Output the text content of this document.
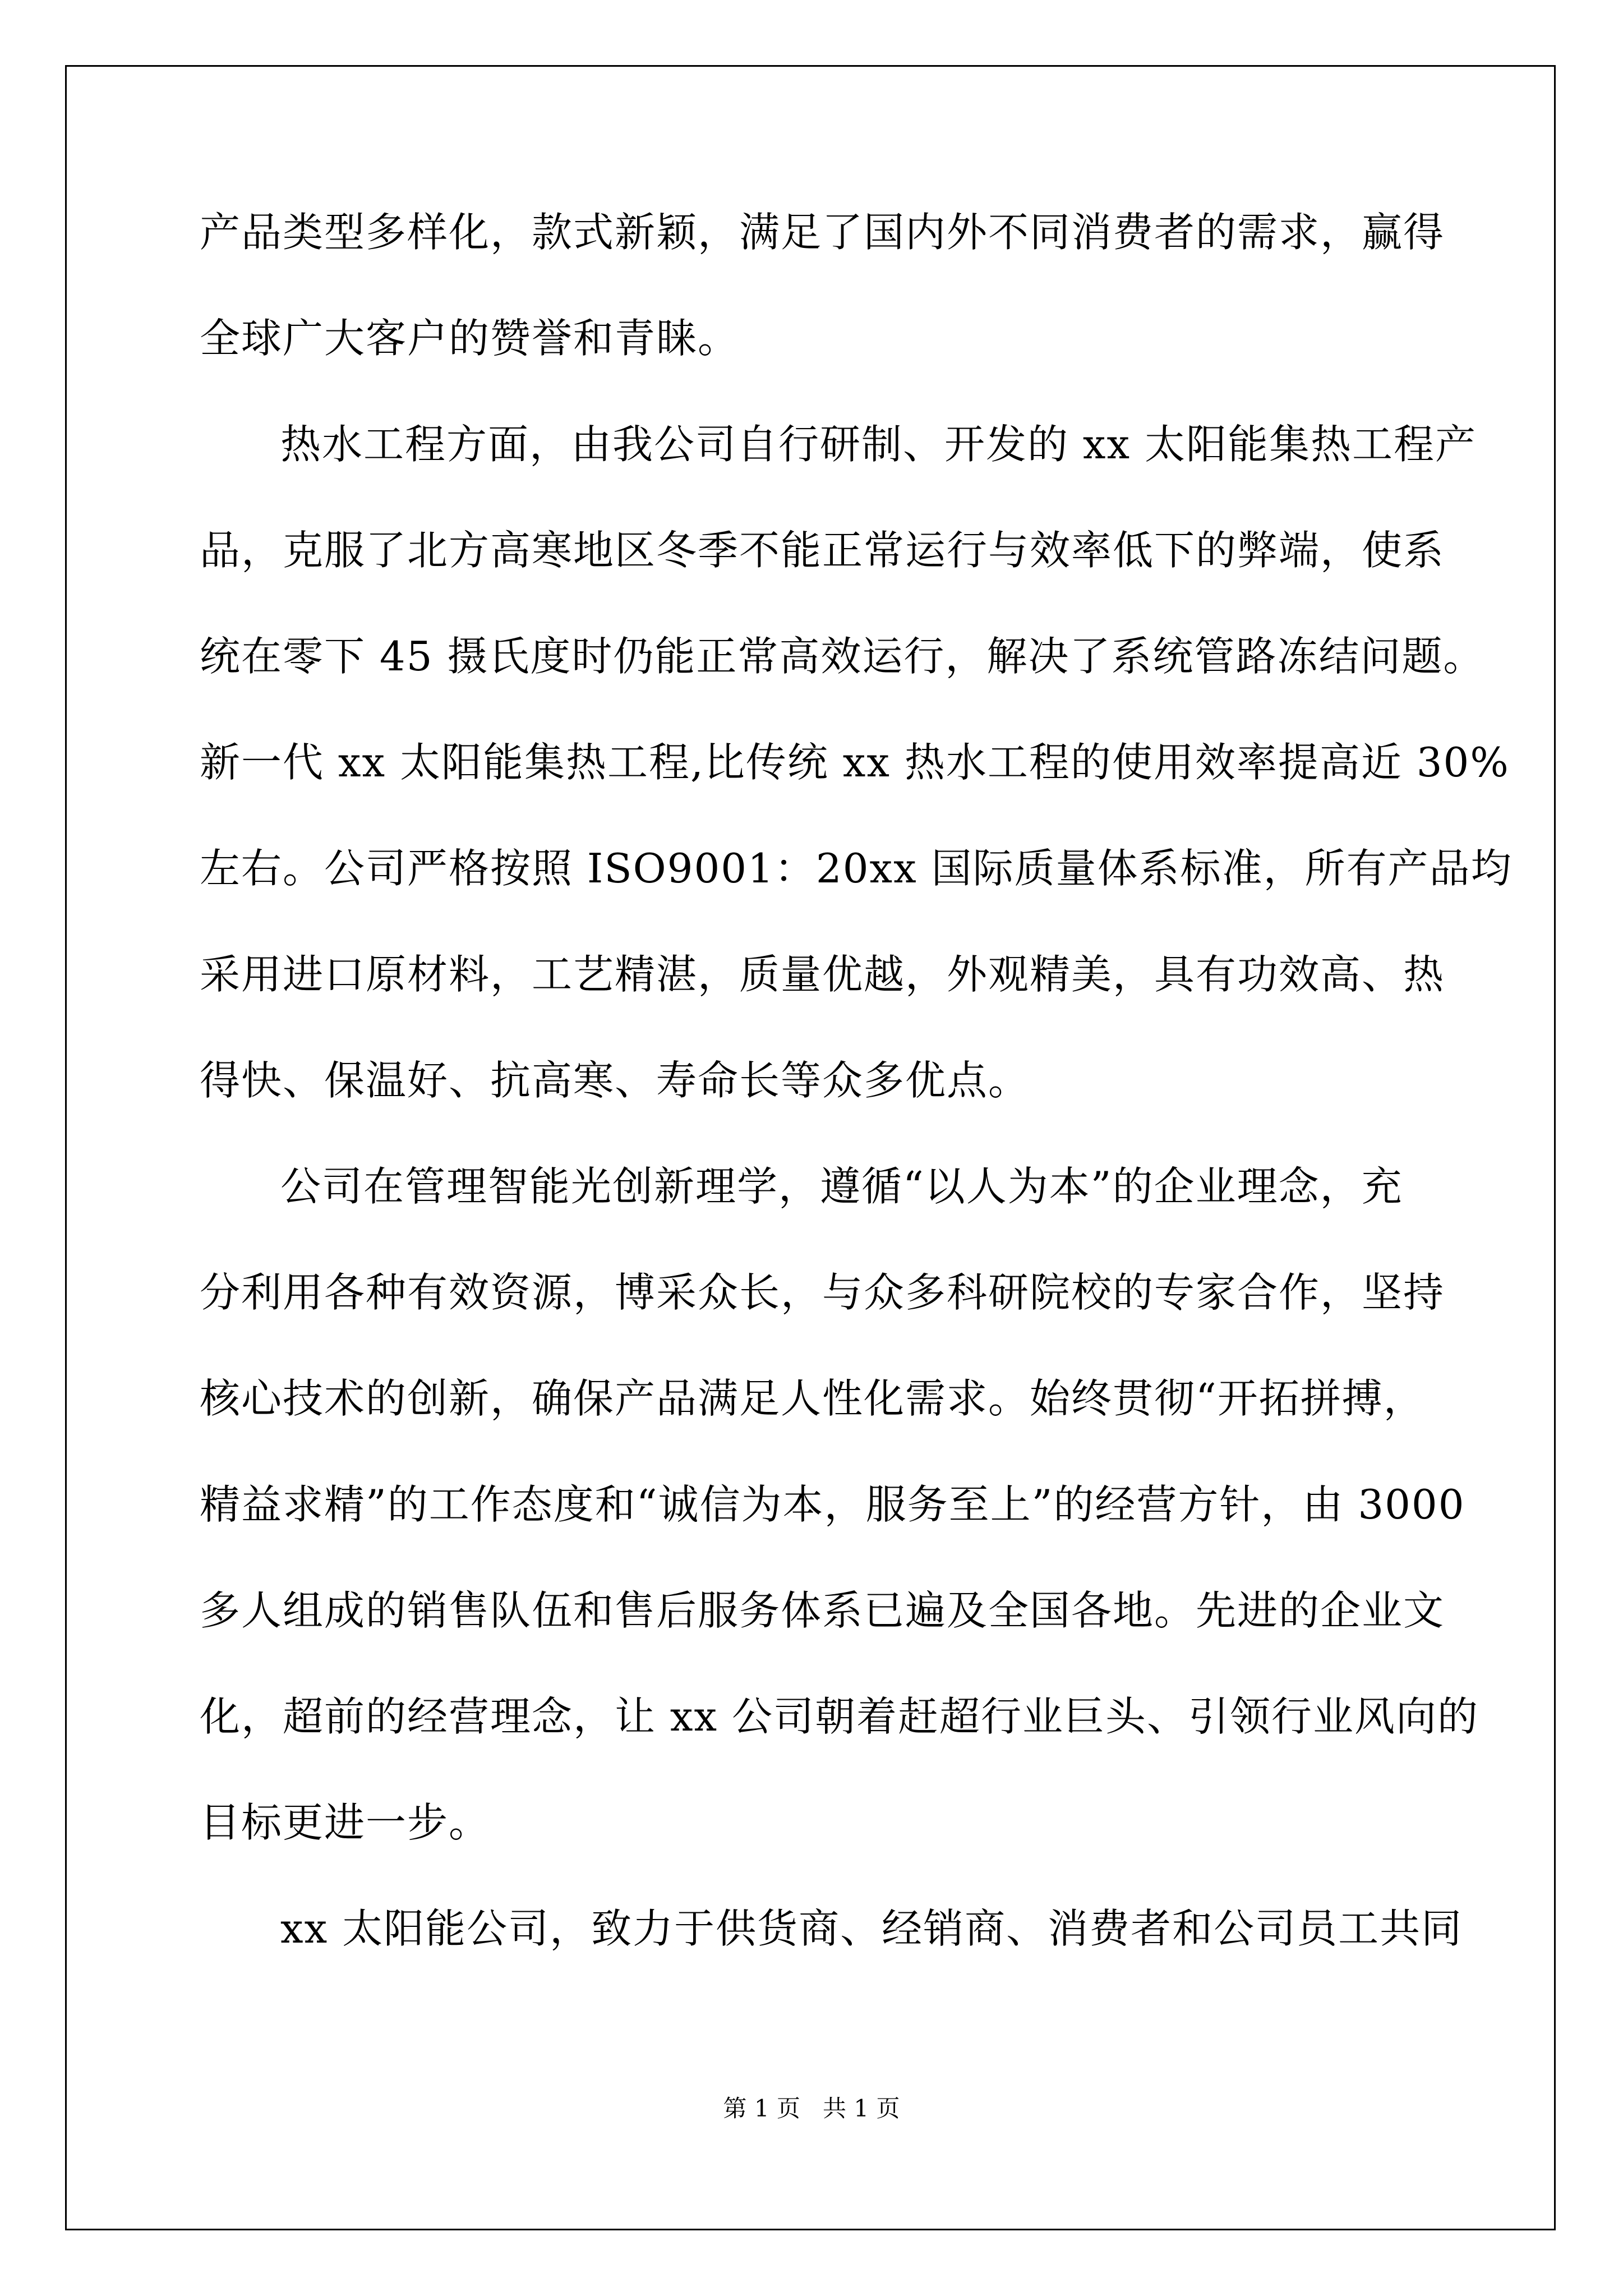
产品类型多样化，款式新颖，满足了国内外不同消费者的需求，赢得
全球广大客户的赞誉和青睐。
热水工程方面，由我公司自行研制、开发的 xx 太阳能集热工程产
品，克服了北方高寒地区冬季不能正常运行与效率低下的弊端，使系
统在零下 45 摄氏度时仍能正常高效运行，解决了系统管路冻结问题。
新一代 xx 太阳能集热工程,比传统 xx 热水工程的使用效率提高近 30%
左右。公司严格按照 ISO9001：20xx 国际质量体系标准，所有产品均
采用进口原材料，工艺精湛，质量优越，外观精美，具有功效高、热
得快、保温好、抗高寒、寿命长等众多优点。
公司在管理智能光创新理学，遵循“以人为本”的企业理念，充
分利用各种有效资源，博采众长，与众多科研院校的专家合作，坚持
核心技术的创新，确保产品满足人性化需求。始终贯彻“开拓拼搏，
精益求精”的工作态度和“诚信为本，服务至上”的经营方针，由 3000
多人组成的销售队伍和售后服务体系已遍及全国各地。先进的企业文
化，超前的经营理念，让 xx 公司朝着赶超行业巨头、引领行业风向的
目标更进一步。
xx 太阳能公司，致力于供货商、经销商、消费者和公司员工共同
第 1 页   共 1 页
